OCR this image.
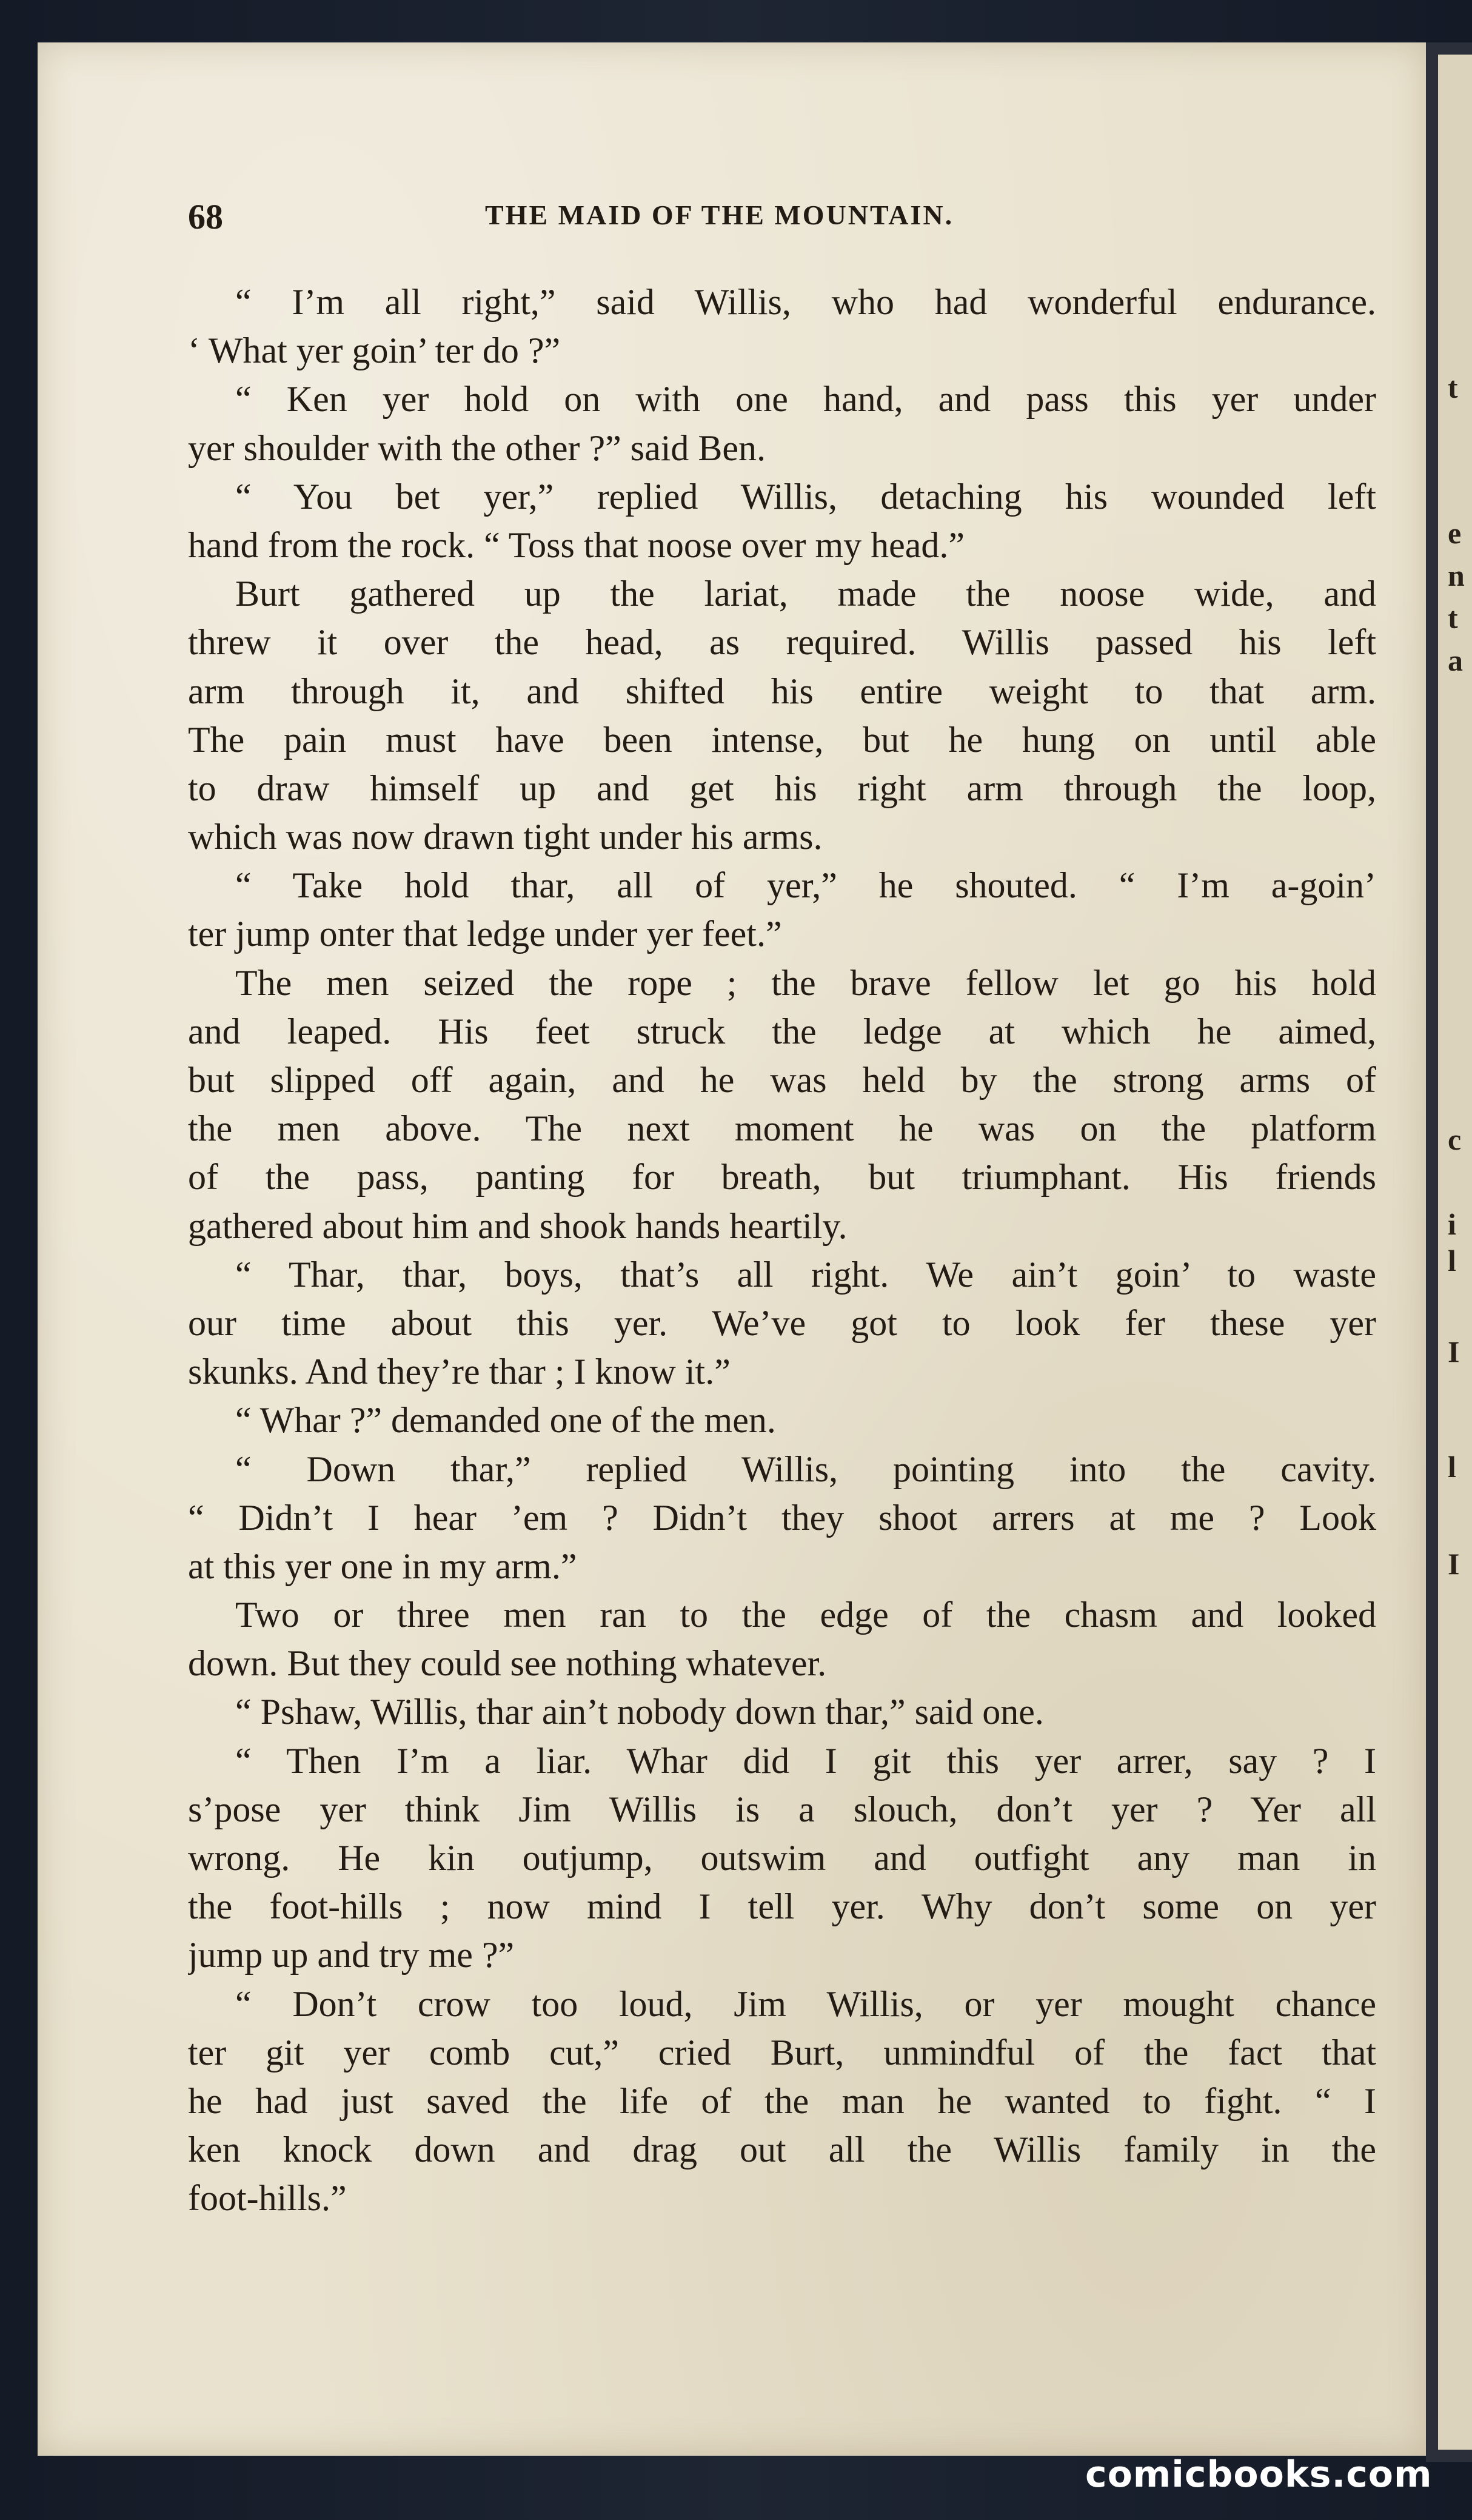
t
e
n
t
a
c
i
l
I
l
I
68	THE MAID OF THE MOUNTAIN.
“ I’m all right,” said Willis, who had wonderful endurance.
‘ What yer goin’ ter do ?”
“ Ken yer hold on with one hand, and pass this yer under
yer shoulder with the other ?” said Ben.
“ You bet yer,” replied Willis, detaching his wounded left
hand from the rock. “ Toss that noose over my head.”
Burt gathered up the lariat, made the noose wide, and
threw it over the head, as required. Willis passed his left
arm through it, and shifted his entire weight to that arm.
The pain must have been intense, but he hung on until able
to draw himself up and get his right arm through the loop,
which was now drawn tight under his arms.
“ Take hold thar, all of yer,” he shouted. “ I’m a-goin’
ter jump onter that ledge under yer feet.”
The men seized the rope ; the brave fellow let go his hold
and leaped. His feet struck the ledge at which he aimed,
but slipped off again, and he was held by the strong arms of
the men above. The next moment he was on the platform
of the pass, panting for breath, but triumphant. His friends
gathered about him and shook hands heartily.
“ Thar, thar, boys, that’s all right. We ain’t goin’ to waste
our time about this yer. We’ve got to look fer these yer
skunks. And they’re thar ; I know it.”
“ Whar ?” demanded one of the men.
“ Down thar,” replied Willis, pointing into the cavity.
“ Didn’t I hear ’em ? Didn’t they shoot arrers at me ? Look
at this yer one in my arm.”
Two or three men ran to the edge of the chasm and looked
down. But they could see nothing whatever.
“ Pshaw, Willis, thar ain’t nobody down thar,” said one.
“ Then I’m a liar. Whar did I git this yer arrer, say ? I
s’pose yer think Jim Willis is a slouch, don’t yer ? Yer all
wrong. He kin outjump, outswim and outfight any man in
the foot-hills ; now mind I tell yer. Why don’t some on yer
jump up and try me ?”
“ Don’t crow too loud, Jim Willis, or yer mought chance
ter git yer comb cut,” cried Burt, unmindful of the fact that
he had just saved the life of the man he wanted to fight. “ I
ken knock down and drag out all the Willis family in the
foot-hills.”
comicbooks.com
